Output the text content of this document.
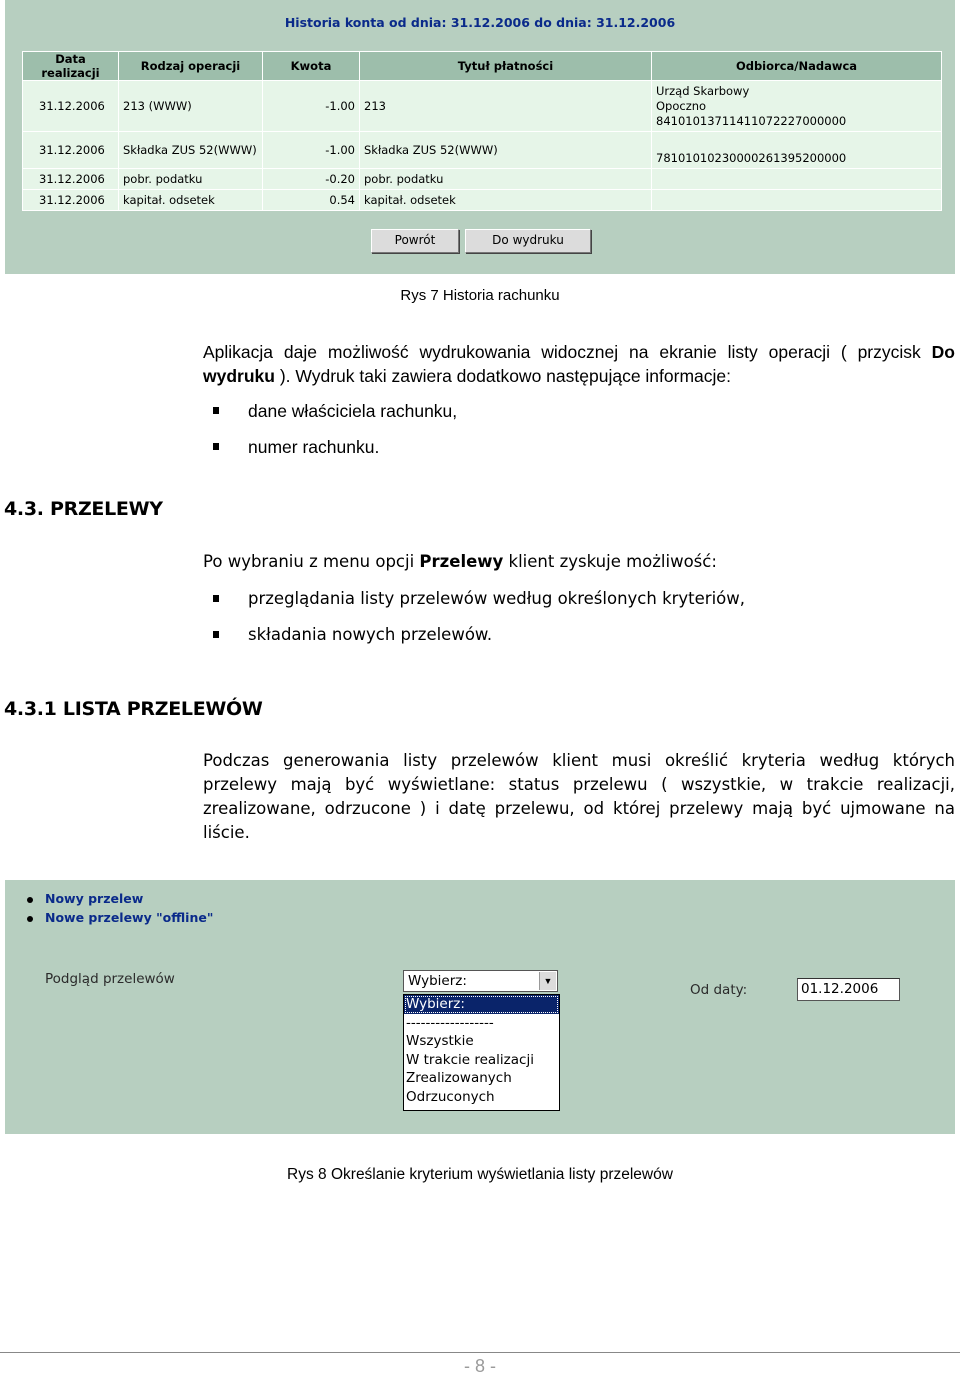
Historia konta od dnia: 31.12.2006 do dnia: 31.12.2006
Data realizacji	Rodzaj operacji	Kwota	Tytuł płatności	Odbiorca/Nadawca
31.12.2006	213 (WWW)	-1.00	213	Urząd Skarbowy
Opoczno
84101013711411072227000000

31.12.2006	Składka ZUS 52(WWW)	-1.00	Składka ZUS 52(WWW)	78101010230000261395200000

31.12.2006	pobr. podatku	-0.20	pobr. podatku	
31.12.2006	kapitał. odsetek	0.54	kapitał. odsetek	
Powrót	Do wydruku
Rys 7 Historia rachunku
Aplikacja daje możliwość wydrukowania widocznej na ekranie listy operacji ( przycisk Do wydruku ). Wydruk taki zawiera dodatkowo następujące informacje:
dane właściciela rachunku,
numer rachunku.
4.3. PRZELEWY
Po wybraniu z menu opcji Przelewy klient zyskuje możliwość:
przeglądania listy przelewów według określonych kryteriów,
składania nowych przelewów.
4.3.1 LISTA PRZELEWÓW
Podczas generowania listy przelewów klient musi określić kryteria według których przelewy mają być wyświetlane: status przelewu ( wszystkie, w trakcie realizacji, zrealizowane, odrzucone ) i datę przelewu, od której przelewy mają być ujmowane na liście.
Nowy przelew
Nowe przelewy "offline"
Podgląd przelewów	Wybierz:	▼
Wybierz:
------------------
Wszystkie
W trakcie realizacji
Zrealizowanych
Odrzuconych
Od daty:	01.12.2006
Rys 8 Określanie kryterium wyświetlania listy przelewów
- 8 -
